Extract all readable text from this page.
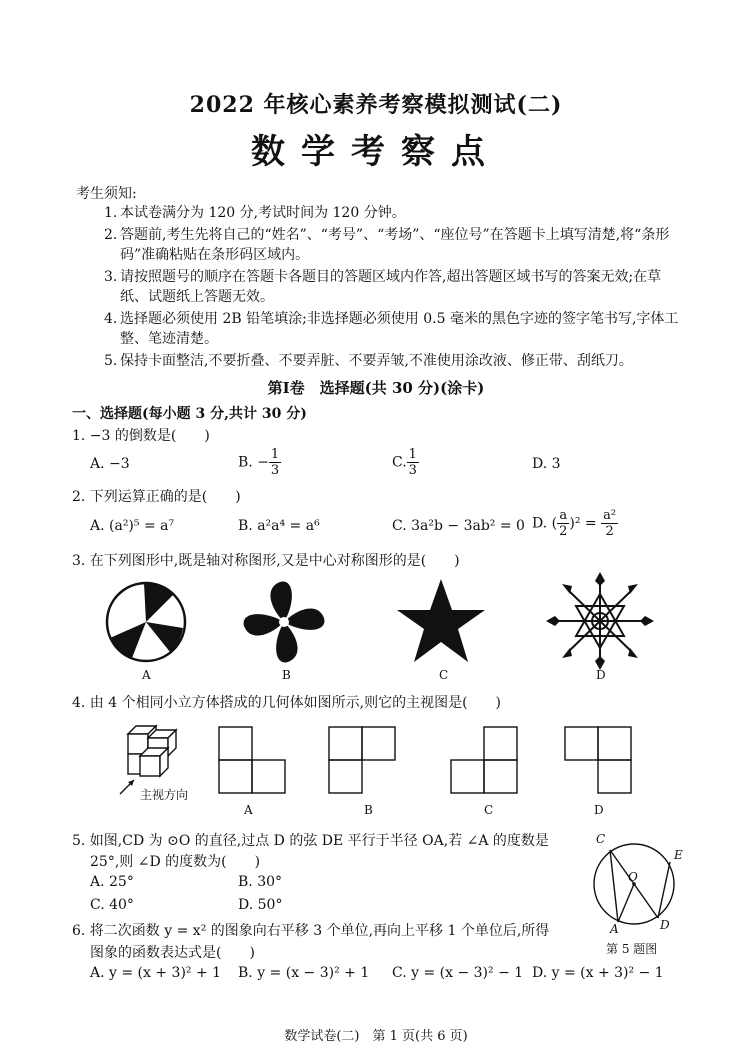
2022 年核心素养考察模拟测试(二)
数学考察点
考生须知:
1. 本试卷满分为 120 分,考试时间为 120 分钟。
2. 答题前,考生先将自己的“姓名”、“考号”、“考场”、“座位号”在答题卡上填写清楚,将“条形码”准确粘贴在条形码区域内。
3. 请按照题号的顺序在答题卡各题目的答题区域内作答,超出答题区域书写的答案无效;在草纸、试题纸上答题无效。
4. 选择题必须使用 2B 铅笔填涂;非选择题必须使用 0.5 毫米的黑色字迹的签字笔书写,字体工整、笔迹清楚。
5. 保持卡面整洁,不要折叠、不要弄脏、不要弄皱,不准使用涂改液、修正带、刮纸刀。
第Ⅰ卷　选择题(共 30 分)(涂卡)
一、选择题(每小题 3 分,共计 30 分)
1. −3 的倒数是(　　)
A. −3	B. − $\frac{1}{3}$	C. $\frac{1}{3}$	D. 3
2. 下列运算正确的是(　　)
A. (a²)⁵ = a⁷	B. a²a⁴ = a⁶	C. 3a²b − 3ab² = 0 D. ( $\frac{a}{2} )^2 = \frac{\text{a²}}{2}$
3. 在下列图形中,既是轴对称图形,又是中心对称图形的是(　　)
A	B	C	D
4. 由 4 个相同小立方体搭成的几何体如图所示,则它的主视图是(　　)
主视方向
A	B	C	D
5. 如图,CD 为 ⊙O 的直径,过点 D 的弦 DE 平行于半径 OA,若 ∠A 的度数是
25°,则 ∠D 的度数为(　　)
A. 25°	B. 30°
C. 40°	D. 50°
C
E
O
A	D
第 5 题图
6. 将二次函数 y = x² 的图象向右平移 3 个单位,再向上平移 1 个单位后,所得
图象的函数表达式是(　　)
A. y = (x + 3)² + 1 B. y = (x − 3)² + 1 C. y = (x − 3)² − 1 D. y = (x + 3)² − 1
数学试卷(二)　第 1 页(共 6 页)
